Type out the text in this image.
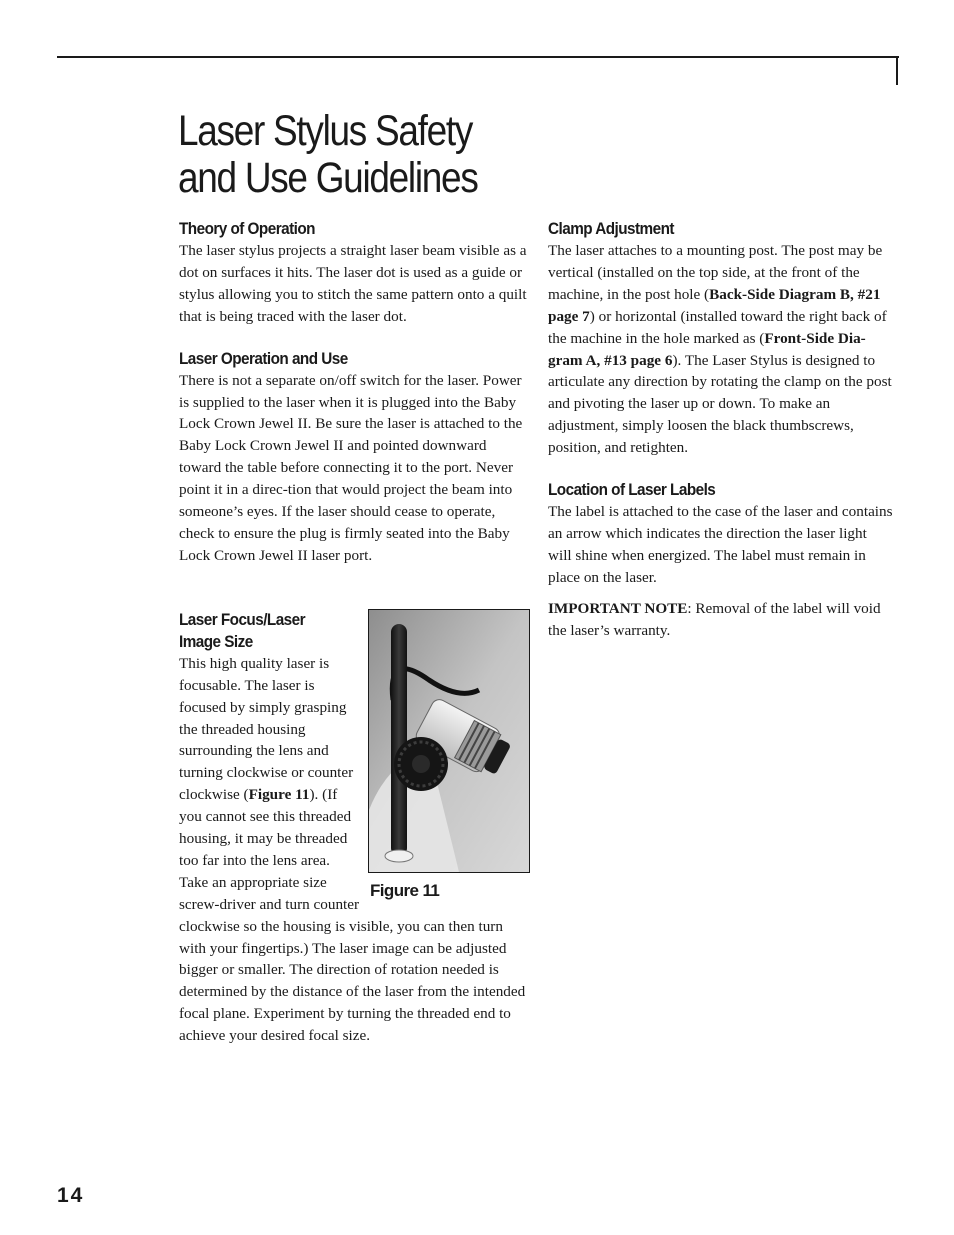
Laser Stylus Safety
and Use Guidelines
Theory of Operation

The laser stylus projects a straight laser beam visible as a dot on surfaces it hits. The laser dot is used as a guide or stylus allowing you to stitch the same pattern onto a quilt that is being traced with the laser dot.

Laser Operation and Use

There is not a separate on/off switch for the laser. Power is supplied to the laser when it is plugged into the Baby Lock Crown Jewel II. Be sure the laser is attached to the Baby Lock Crown Jewel II and pointed downward toward the table before connecting it to the port. Never point it in a direc-tion that would project the beam into someone’s eyes. If the laser should cease to operate, check to ensure the plug is firmly seated into the Baby Lock Crown Jewel II laser port.

Figure 11
Laser Focus/Laser
Image Size

This high quality laser is focusable. The laser is focused by simply grasping the threaded housing surrounding the lens and turning clockwise or counter clockwise (Figure 11). (If you cannot see this threaded housing, it may be threaded too far into the lens area. Take an appropriate size screw-driver and turn counter clockwise so the housing is visible, you can then turn with your fingertips.) The laser image can be adjusted bigger or smaller. The direction of rotation needed is determined by the distance of the laser from the intended focal plane. Experiment by turning the threaded end to achieve your desired focal size.

Clamp Adjustment

The laser attaches to a mounting post. The post may be vertical (installed on the top side, at the front of the machine, in the post hole (Back-Side Diagram B, #21 page 7) or horizontal (installed toward the right back of the machine in the hole marked as (Front-Side Dia-gram A, #13 page 6). The Laser Stylus is designed to articulate any direction by rotating the clamp on the post and pivoting the laser up or down. To make an adjustment, simply loosen the black thumbscrews, position, and retighten.

Location of Laser Labels

The label is attached to the case of the laser and contains an arrow which indicates the direction the laser light will shine when energized. The label must remain in place on the laser.

IMPORTANT NOTE: Removal of the label will void the laser’s warranty.

14
